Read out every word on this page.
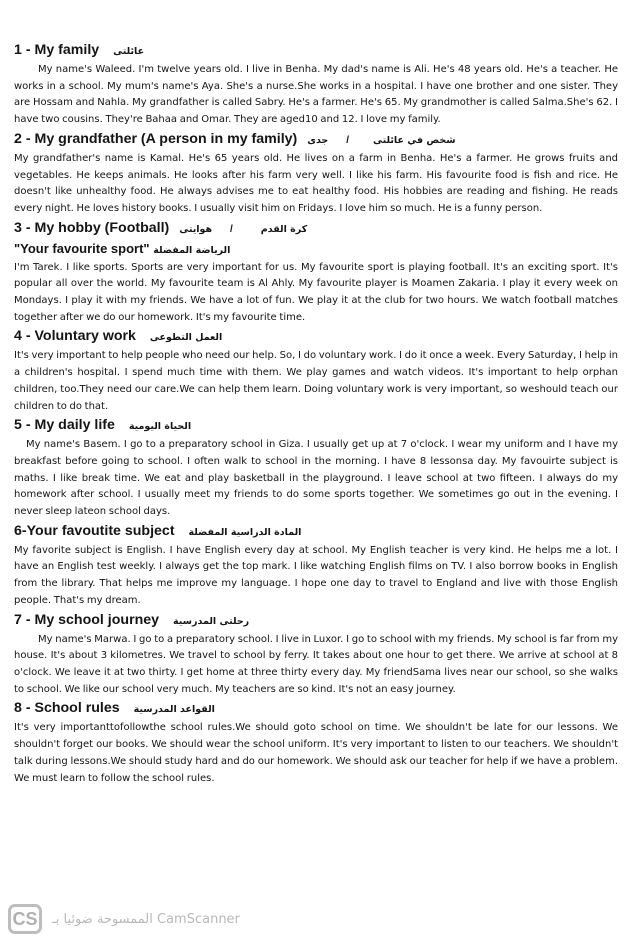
1 - My family عائلتى

My name's Waleed. I'm twelve years old. I live in Benha. My dad's name is Ali. He's 48 years old. He's a teacher. He works in a school. My mum's name's Aya. She's a nurse.She works in a hospital. I have one brother and one sister. They are Hossam and Nahla. My grandfather is called Sabry. He's a farmer. He's 65. My grandmother is called Salma.She's 62. I have two cousins. They're Bahaa and Omar. They are aged10 and 12. I love my family.

2 - My grandfather (A person in my family)	شخص في عائلتى / جدى

My grandfather's name is Kamal. He's 65 years old. He lives on a farm in Benha. He's a farmer. He grows fruits and vegetables. He keeps animals. He looks after his farm very well. I like his farm. His favourite food is fish and rice. He doesn't like unhealthy food. He always advises me to eat healthy food. His hobbies are reading and fishing. He reads every night. He loves history books. I usually visit him on Fridays. I love him so much. He is a funny person.

3 - My hobby (Football)	كرة القدم / هوايتى
"Your favourite sport" الرياضة المفضلة

I'm Tarek. I like sports. Sports are very important for us. My favourite sport is playing football. It's an exciting sport. It's popular all over the world. My favourite team is Al Ahly. My favourite player is Moamen Zakaria. I play it every week on Mondays. I play it with my friends. We have a lot of fun. We play it at the club for two hours. We watch football matches together after we do our homework. It's my favourite time.

4 - Voluntary work العمل التطوعى

It's very important to help people who need our help. So, I do voluntary work. I do it once a week. Every Saturday, I help in a children's hospital. I spend much time with them. We play games and watch videos. It's important to help orphan children, too.They need our care.We can help them learn. Doing voluntary work is very important, so weshould teach our children to do that.

5 - My daily life الحياة اليومية

My name's Basem. I go to a preparatory school in Giza. I usually get up at 7 o'clock. I wear my uniform and I have my breakfast before going to school. I often walk to school in the morning. I have 8 lessonsa day. My favouirte subject is maths. I like break time. We eat and play basketball in the playground. I leave school at two fifteen. I always do my homework after school. I usually meet my friends to do some sports together. We sometimes go out in the evening. I never sleep lateon school days.

6-Your favoutite subject المادة الدراسية المفضلة

My favorite subject is English. I have English every day at school. My English teacher is very kind. He helps me a lot. I have an English test weekly. I always get the top mark. I like watching English films on TV. I also borrow books in English from the library. That helps me improve my language. I hope one day to travel to England and live with those English people. That's my dream.

7 - My school journey رحلتى المدرسية

My name's Marwa. I go to a preparatory school. I live in Luxor. I go to school with my friends. My school is far from my house. It's about 3 kilometres. We travel to school by ferry. It takes about one hour to get there. We arrive at school at 8 o'clock. We leave it at two thirty. I get home at three thirty every day. My friendSama lives near our school, so she walks to school. We like our school very much. My teachers are so kind. It's not an easy journey.

8 - School rules القواعد المدرسية

It's very importanttofollowthe school rules.We should goto school on time. We shouldn't be late for our lessons. We shouldn't forget our books. We should wear the school uniform. It's very important to listen to our teachers. We shouldn't talk during lessons.We should study hard and do our homework. We should ask our teacher for help if we have a problem. We must learn to follow the school rules.

CS	الممسوحة ضوئيا بـ CamScanner
